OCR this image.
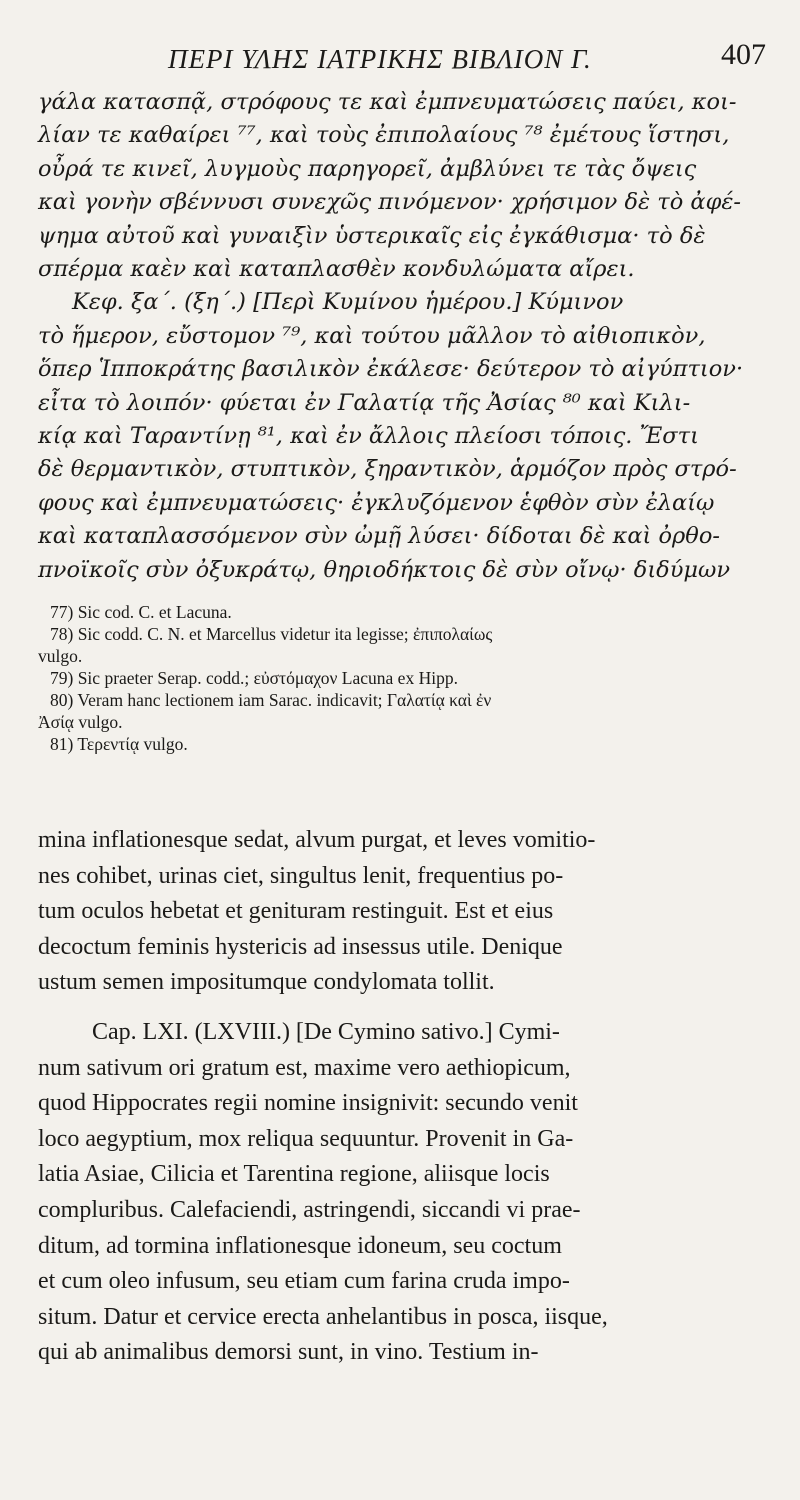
ΠΕΡΙ ΥΛΗΣ ΙΑΤΡΙΚΗΣ ΒΙΒΛΙΟΝ Γ.	407
γάλα κατασπᾷ, στρόφους τε καὶ ἐμπνευματώσεις παύει, κοι-
λίαν τε καθαίρει ⁷⁷, καὶ τοὺς ἐπιπολαίους ⁷⁸ ἐμέτους ἵστησι,
οὖρά τε κινεῖ, λυγμοὺς παρηγορεῖ, ἀμβλύνει τε τὰς ὄψεις
καὶ γονὴν σβέννυσι συνεχῶς πινόμενον· χρήσιμον δὲ τὸ ἀφέ-
ψημα αὐτοῦ καὶ γυναιξὶν ὑστερικαῖς εἰς ἐγκάθισμα· τὸ δὲ
σπέρμα καὲν καὶ καταπλασθὲν κονδυλώματα αἴρει.
Κεφ. ξα΄. (ξη΄.) [Περὶ Κυμίνου ἡμέρου.] Κύμινον
τὸ ἥμερον, εὔστομον ⁷⁹, καὶ τούτου μᾶλλον τὸ αἰθιοπικὸν,
ὅπερ Ἱπποκράτης βασιλικὸν ἐκάλεσε· δεύτερον τὸ αἰγύπτιον·
εἶτα τὸ λοιπόν· φύεται ἐν Γαλατίᾳ τῆς Ἀσίας ⁸⁰ καὶ Κιλι-
κίᾳ καὶ Ταραντίνῃ ⁸¹, καὶ ἐν ἄλλοις πλείοσι τόποις. Ἔστι
δὲ θερμαντικὸν, στυπτικὸν, ξηραντικὸν, ἁρμόζον πρὸς στρό-
φους καὶ ἐμπνευματώσεις· ἐγκλυζόμενον ἑφθὸν σὺν ἐλαίῳ
καὶ καταπλασσόμενον σὺν ὠμῇ λύσει· δίδοται δὲ καὶ ὀρθο-
πνοϊκοῖς σὺν ὀξυκράτῳ, θηριοδήκτοις δὲ σὺν οἴνῳ· διδύμων
77) Sic cod. C. et Lacuna.
78) Sic codd. C. N. et Marcellus videtur ita legisse; ἐπιπολαίως
vulgo.
79) Sic praeter Serap. codd.; εὐστόμαχον Lacuna ex Hipp.
80) Veram hanc lectionem iam Sarac. indicavit; Γαλατίᾳ καὶ ἐν
Ἀσίᾳ vulgo.
81) Τερεντίᾳ vulgo.
mina inflationesque sedat, alvum purgat, et leves vomitio-
nes cohibet, urinas ciet, singultus lenit, frequentius po-
tum oculos hebetat et genituram restinguit. Est et eius
decoctum feminis hystericis ad insessus utile. Denique
ustum semen impositumque condylomata tollit.
Cap. LXI. (LXVIII.) [De Cymino sativo.] Cymi-
num sativum ori gratum est, maxime vero aethiopicum,
quod Hippocrates regii nomine insignivit: secundo venit
loco aegyptium, mox reliqua sequuntur. Provenit in Ga-
latia Asiae, Cilicia et Tarentina regione, aliisque locis
compluribus. Calefaciendi, astringendi, siccandi vi prae-
ditum, ad tormina inflationesque idoneum, seu coctum
et cum oleo infusum, seu etiam cum farina cruda impo-
situm. Datur et cervice erecta anhelantibus in posca, iisque,
qui ab animalibus demorsi sunt, in vino. Testium in-
